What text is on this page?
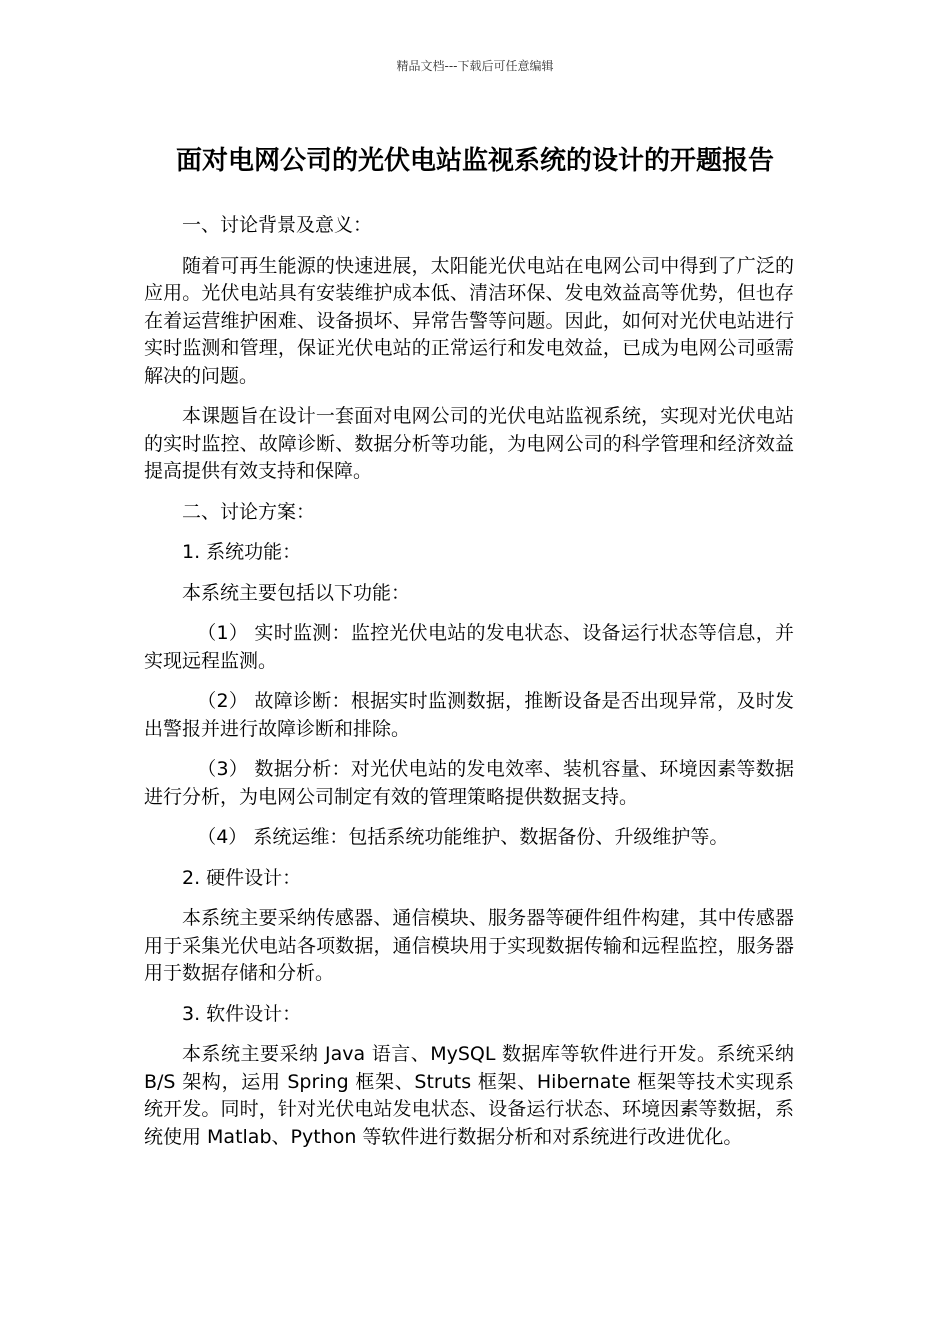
精品文档---下载后可任意编辑
面对电网公司的光伏电站监视系统的设计的开题报告

一、讨论背景及意义：

随着可再生能源的快速进展，太阳能光伏电站在电网公司中得到了广泛的应用。光伏电站具有安装维护成本低、清洁环保、发电效益高等优势，但也存在着运营维护困难、设备损坏、异常告警等问题。因此，如何对光伏电站进行实时监测和管理，保证光伏电站的正常运行和发电效益，已成为电网公司亟需解决的问题。

本课题旨在设计一套面对电网公司的光伏电站监视系统，实现对光伏电站的实时监控、故障诊断、数据分析等功能，为电网公司的科学管理和经济效益提高提供有效支持和保障。

二、讨论方案：

1. 系统功能：

本系统主要包括以下功能：

（1） 实时监测：监控光伏电站的发电状态、设备运行状态等信息，并实现远程监测。

（2） 故障诊断：根据实时监测数据，推断设备是否出现异常，及时发出警报并进行故障诊断和排除。

（3） 数据分析：对光伏电站的发电效率、装机容量、环境因素等数据进行分析，为电网公司制定有效的管理策略提供数据支持。

（4） 系统运维：包括系统功能维护、数据备份、升级维护等。

2. 硬件设计：

本系统主要采纳传感器、通信模块、服务器等硬件组件构建，其中传感器用于采集光伏电站各项数据，通信模块用于实现数据传输和远程监控，服务器用于数据存储和分析。

3. 软件设计：

本系统主要采纳 Java 语言、MySQL 数据库等软件进行开发。系统采纳 B/S 架构，运用 Spring 框架、Struts 框架、Hibernate 框架等技术实现系统开发。同时，针对光伏电站发电状态、设备运行状态、环境因素等数据，系统使用 Matlab、Python 等软件进行数据分析和对系统进行改进优化。
